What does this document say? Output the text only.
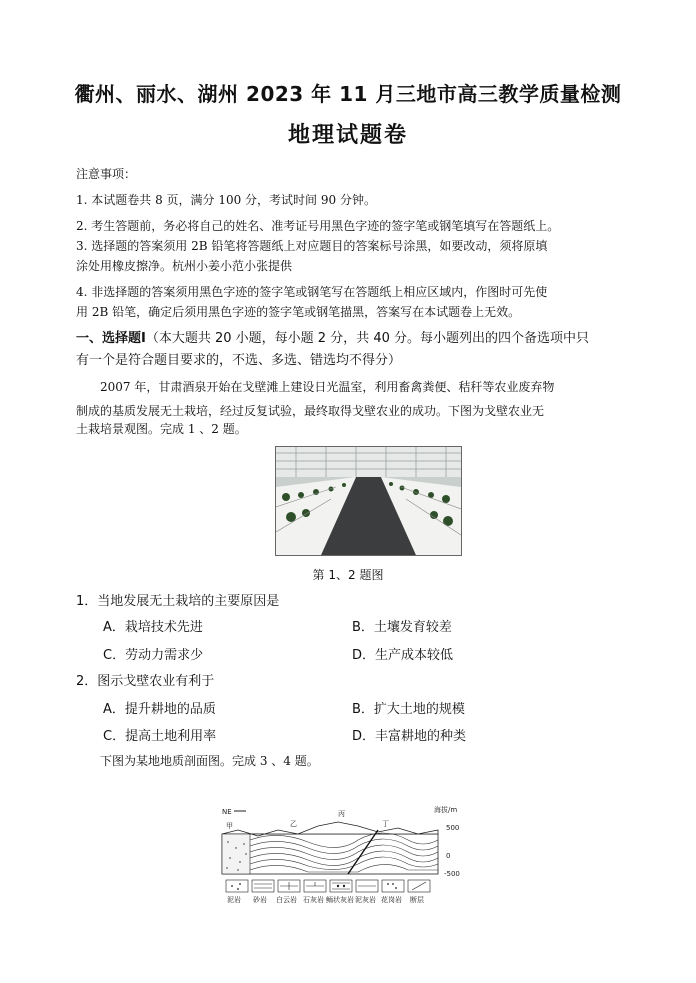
衢州、丽水、湖州 2023 年 11 月三地市高三教学质量检测
地理试题卷
注意事项：
1. 本试题卷共 8 页，满分 100 分，考试时间 90 分钟。
2. 考生答题前，务必将自己的姓名、准考证号用黑色字迹的签字笔或钢笔填写在答题纸上。
3. 选择题的答案须用 2B 铅笔将答题纸上对应题目的答案标号涂黑，如要改动，须将原填
涂处用橡皮擦净。杭州小姜小范小张提供
4. 非选择题的答案须用黑色字迹的签字笔或钢笔写在答题纸上相应区域内，作图时可先使
用 2B 铅笔，确定后须用黑色字迹的签字笔或钢笔描黑，答案写在本试题卷上无效。
一、选择题Ⅰ（本大题共 20 小题，每小题 2 分，共 40 分。每小题列出的四个备选项中只
有一个是符合题目要求的，不选、多选、错选均不得分）
2007 年，甘肃酒泉开始在戈壁滩上建设日光温室，利用畜禽粪便、秸秆等农业废弃物
制成的基质发展无土栽培，经过反复试验，最终取得戈壁农业的成功。下图为戈壁农业无
土栽培景观图。完成 1 、2 题。
第 1、2 题图
1．当地发展无土栽培的主要原因是
A．栽培技术先进	B．土壤发育较差
C．劳动力需求少	D．生产成本较低
2．图示戈壁农业有利于
A．提升耕地的品质	B．扩大土地的规模
C．提高土地利用率	D．丰富耕地的种类
下图为某地地质剖面图。完成 3 、4 题。
NE
甲	乙
丙
丁
海拔/m
500
0
-500
泥岩 砂岩 白云岩 石灰岩 鲕状灰岩 泥灰岩 花岗岩 断层
